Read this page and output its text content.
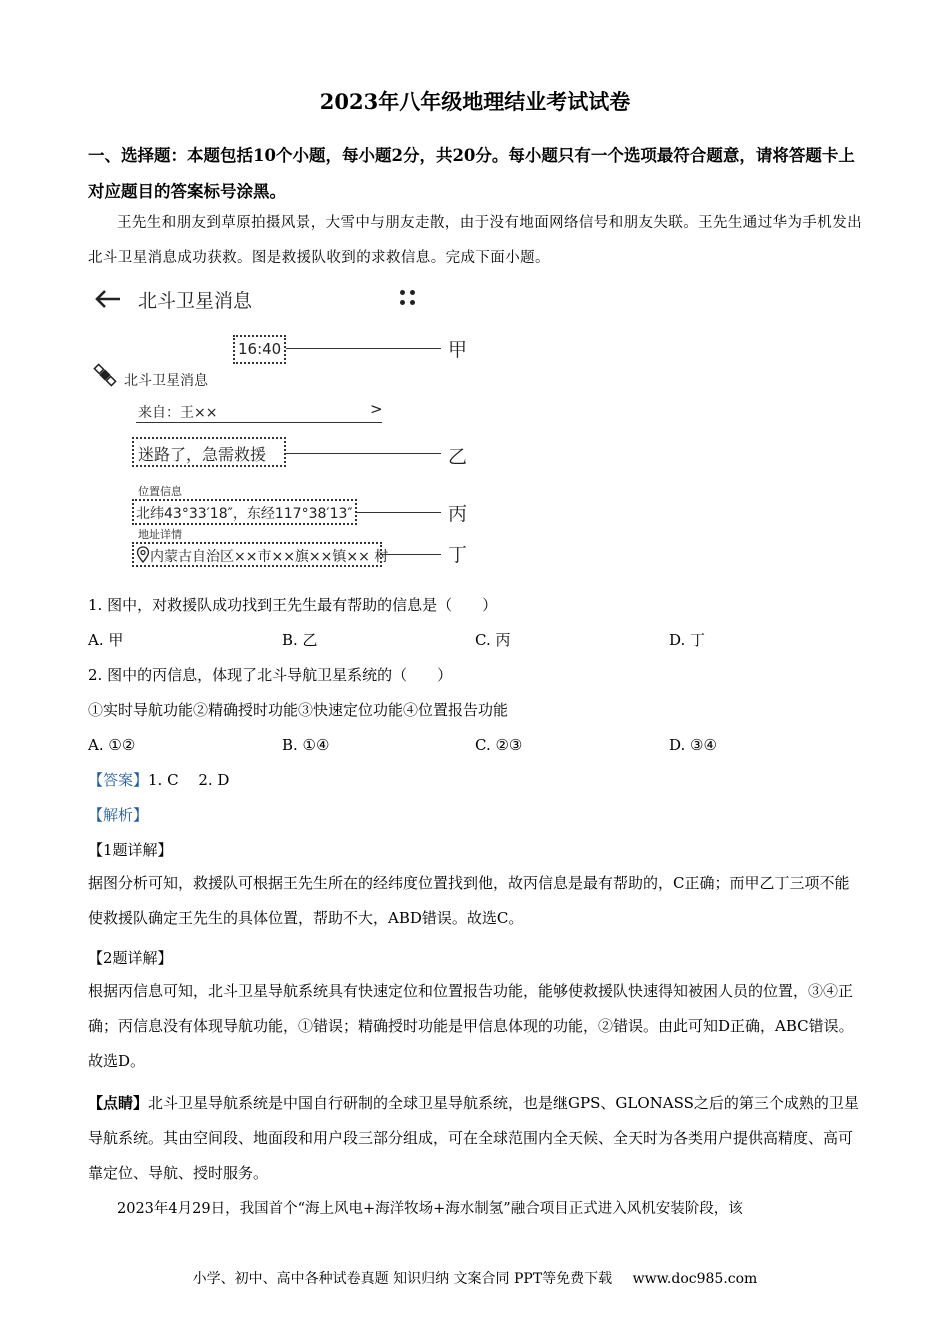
2023年八年级地理结业考试试卷
一、选择题：本题包括10个小题，每小题2分，共20分。每小题只有一个选项最符合题意，请将答题卡上对应题目的答案标号涂黑。
王先生和朋友到草原拍摄风景，大雪中与朋友走散，由于没有地面网络信号和朋友失联。王先生通过华为手机发出北斗卫星消息成功获救。图是救援队收到的求救信息。完成下面小题。
北斗卫星消息
16:40	甲
北斗卫星消息
来自：王××	>
迷路了，急需救援	乙
位置信息
北纬43°33′18″，东经117°38′13″	丙
地址详情
内蒙古自治区××市××旗××镇×× 村	丁
1. 图中，对救援队成功找到王先生最有帮助的信息是（　　）
A. 甲	B. 乙	C. 丙	D. 丁
2. 图中的丙信息，体现了北斗导航卫星系统的（　　）
①实时导航功能②精确授时功能③快速定位功能④位置报告功能
A. ①②	B. ①④	C. ②③	D. ③④
【答案】1. C　 2. D
【解析】
【1题详解】
据图分析可知，救援队可根据王先生所在的经纬度位置找到他，故丙信息是最有帮助的，C正确；而甲乙丁三项不能使救援队确定王先生的具体位置，帮助不大，ABD错误。故选C。
【2题详解】
根据丙信息可知，北斗卫星导航系统具有快速定位和位置报告功能，能够使救援队快速得知被困人员的位置，③④正确；丙信息没有体现导航功能，①错误；精确授时功能是甲信息体现的功能，②错误。由此可知D正确，ABC错误。故选D。
【点睛】北斗卫星导航系统是中国自行研制的全球卫星导航系统，也是继GPS、GLONASS之后的第三个成熟的卫星导航系统。其由空间段、地面段和用户段三部分组成，可在全球范围内全天候、全天时为各类用户提供高精度、高可靠定位、导航、授时服务。
2023年4月29日，我国首个“海上风电+海洋牧场+海水制氢”融合项目正式进入风机安装阶段，该
小学、初中、高中各种试卷真题 知识归纳 文案合同 PPT等免费下载 www.doc985.com
